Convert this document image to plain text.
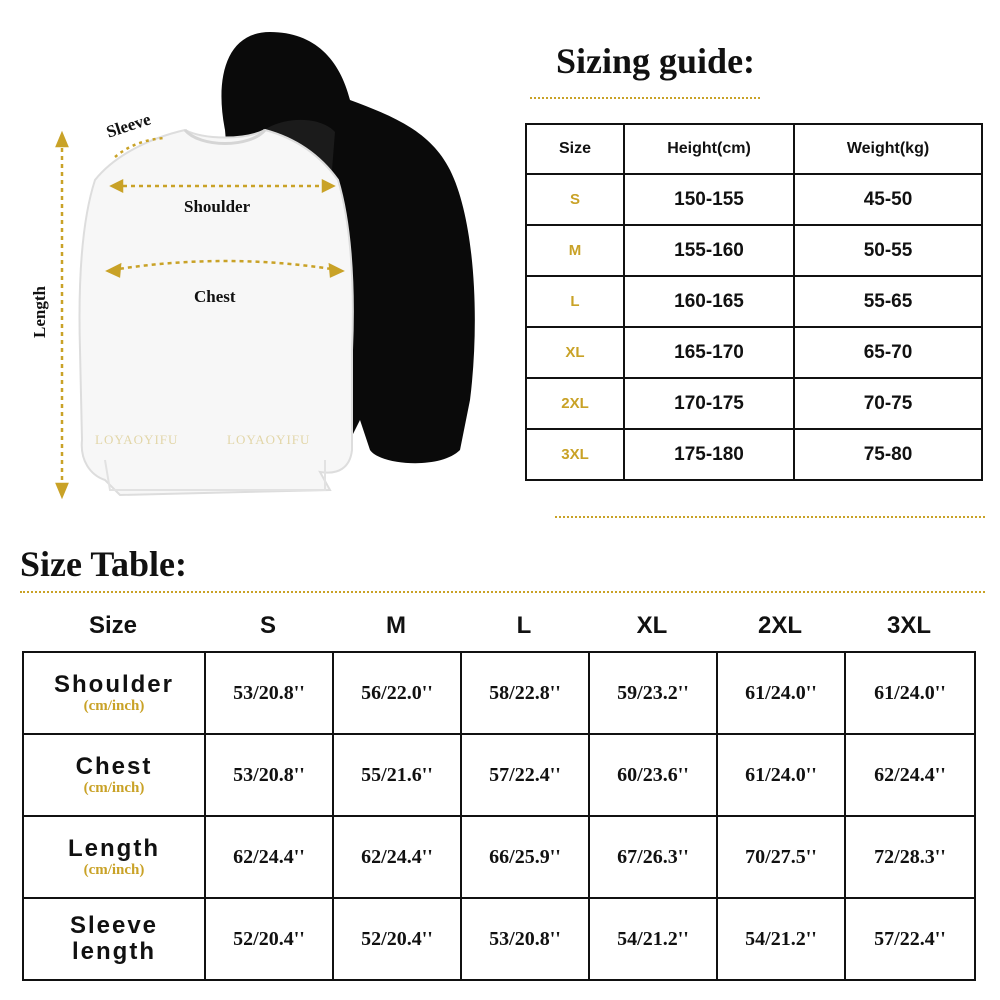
Sleeve
Shoulder
Chest
Length
LOYAOYIFU	LOYAOYIFU
Sizing guide:
Size	Height(cm)	Weight(kg)
S	150-155	45-50
M	155-160	50-55
L	160-165	55-65
XL	165-170	65-70
2XL	170-175	70-75
3XL	175-180	75-80
Size Table:
Size	S	M	L	XL	2XL	3XL
Shoulder
(cm/inch)	53/20.8''	56/22.0''	58/22.8''	59/23.2''	61/24.0''	61/24.0''

Chest
(cm/inch)	53/20.8''	55/21.6''	57/22.4''	60/23.6''	61/24.0''	62/24.4''

Length
(cm/inch)	62/24.4''	62/24.4''	66/25.9''	67/26.3''	70/27.5''	72/28.3''

Sleeve
length	52/20.4''	52/20.4''	53/20.8''	54/21.2''	54/21.2''	57/22.4''
